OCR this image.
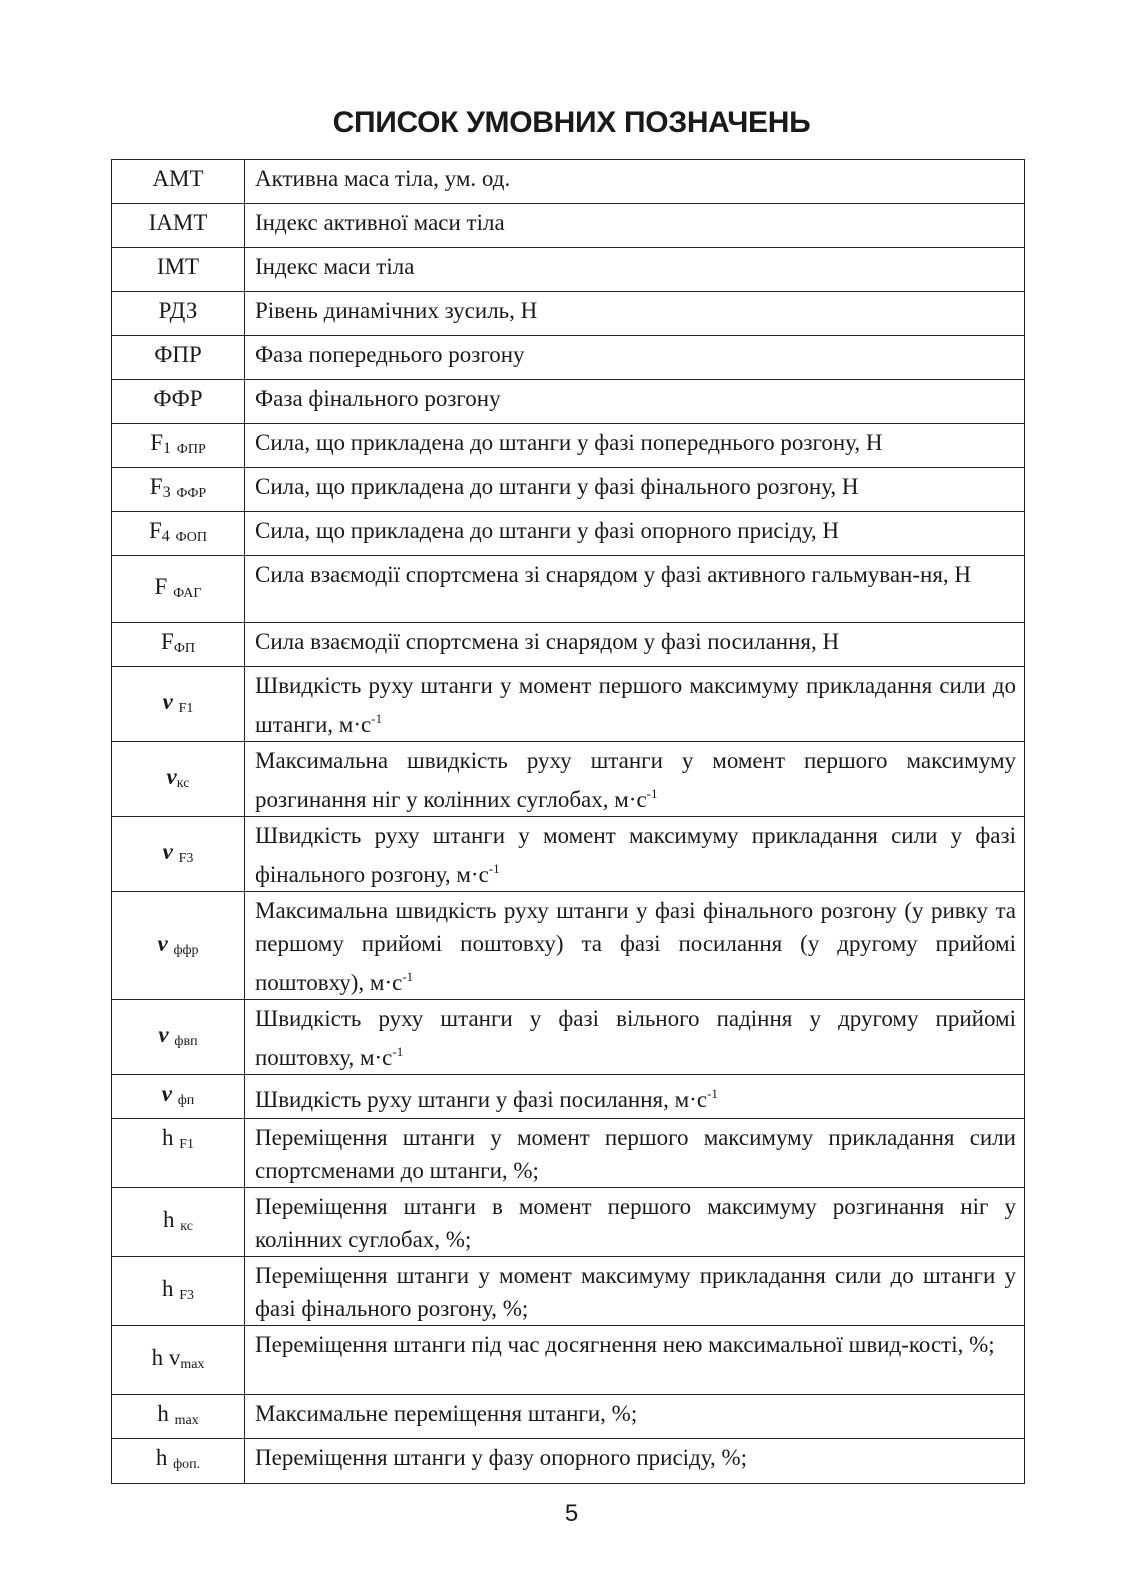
СПИСОК УМОВНИХ ПОЗНАЧЕНЬ
АМТ	Активна маса тіла, ум. од.
ІАМТ	Індекс активної маси тіла
ІМТ	Індекс маси тіла
РДЗ	Рівень динамічних зусиль, Н
ФПР	Фаза попереднього розгону
ФФР	Фаза фінального розгону
F1 $_{ФПР}$	Сила, що прикладена до штанги у фазі попереднього розгону, Н
F3 $_{ФФР}$	Сила, що прикладена до штанги у фазі фінального розгону, Н
F4 $_{ФОП}$	Сила, що прикладена до штанги у фазі опорного присіду, Н
F $_{ФАГ}$	Сила взаємодії спортсмена зі снарядом у фазі активного гальмуван-ня, Н
$F_{ФП}$	Сила взаємодії спортсмена зі снарядом у фазі посилання, Н
v $_{F1}$	Швидкість руху штанги у момент першого максимуму прикладання сили до штанги, $м\cdot с^{-1}$
$v_{кс}$	Максимальна швидкість руху штанги у момент першого максимуму розгинання ніг у колінних суглобах, $м\cdot с^{-1}$
v $_{F3}$	Швидкість руху штанги у момент максимуму прикладання сили у фазі фінального розгону, $м\cdot с^{-1}$
v $_{ффр}$	Максимальна швидкість руху штанги у фазі фінального розгону (у ривку та першому прийомі поштовху) та фазі посилання (у другому прийомі поштовху), $м\cdot с^{-1}$
v $_{фвп}$	Швидкість руху штанги у фазі вільного падіння у другому прийомі поштовху, $м\cdot с^{-1}$
v $_{фп}$	Швидкість руху штанги у фазі посилання, $м\cdot с^{-1}$
h $_{F1}$	Переміщення штанги у момент першого максимуму прикладання сили спортсменами до штанги, %;
h $_{кс}$	Переміщення штанги в момент першого максимуму розгинання ніг у колінних суглобах, %;
h $_{F3}$	Переміщення штанги у момент максимуму прикладання сили до штанги у фазі фінального розгону, %;
h $v_{max}$	Переміщення штанги під час досягнення нею максимальної швид-кості, %;
h $_{max}$	Максимальне переміщення штанги, %;
h $_{фоп.}$	Переміщення штанги у фазу опорного присіду, %;
5
